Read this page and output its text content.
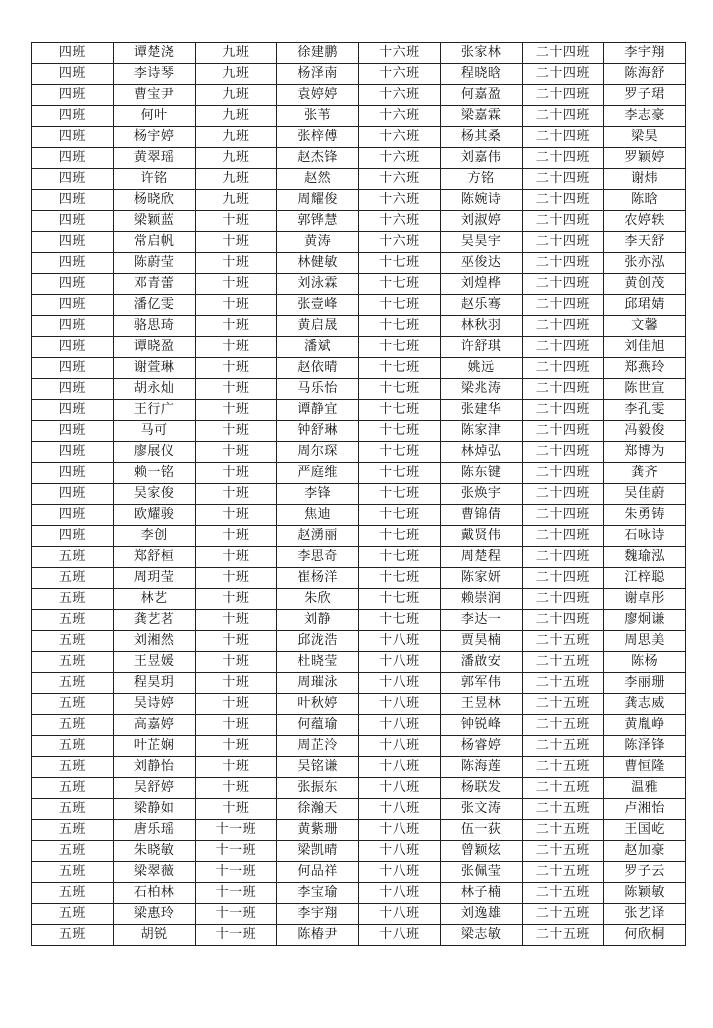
四班	谭楚浇	九班	徐建鹏	十六班	张家林	二十四班	李宇翔
四班	李诗琴	九班	杨泽南	十六班	程晓晗	二十四班	陈海舒
四班	曹宝尹	九班	袁婷婷	十六班	何嘉盈	二十四班	罗子珺
四班	何叶	九班	张苇	十六班	梁嘉霖	二十四班	李志豪
四班	杨宇婷	九班	张梓傅	十六班	杨其桑	二十四班	梁昊
四班	黄翠瑶	九班	赵杰锋	十六班	刘嘉伟	二十四班	罗颖婷
四班	许铭	九班	赵然	十六班	方铭	二十四班	谢炜
四班	杨晓欣	九班	周耀俊	十六班	陈婉诗	二十四班	陈晗
四班	梁颖蓝	十班	郭铧慧	十六班	刘淑婷	二十四班	农婷轶
四班	常启帆	十班	黄涛	十六班	吴昊宇	二十四班	李天舒
四班	陈蔚莹	十班	林健敏	十七班	巫俊达	二十四班	张亦泓
四班	邓青蕾	十班	刘泳霖	十七班	刘煌桦	二十四班	黄创茂
四班	潘亿雯	十班	张壹峰	十七班	赵乐骞	二十四班	邱珺婧
四班	骆思琦	十班	黄启晟	十七班	林秋羽	二十四班	文馨
四班	谭晓盈	十班	潘斌	十七班	许舒琪	二十四班	刘佳旭
四班	谢萱琳	十班	赵依晴	十七班	姚远	二十四班	郑燕玲
四班	胡永灿	十班	马乐怡	十七班	梁兆涛	二十四班	陈世宣
四班	王行广	十班	谭静宜	十七班	张建华	二十四班	李孔雯
四班	马可	十班	钟舒琳	十七班	陈家津	二十四班	冯毅俊
四班	廖展仪	十班	周尔琛	十七班	林焯弘	二十四班	郑博为
四班	赖一铭	十班	严庭维	十七班	陈东键	二十四班	龚齐
四班	吴家俊	十班	李锋	十七班	张焕宇	二十四班	吴佳蔚
四班	欧耀骏	十班	焦迪	十七班	曹锦倩	二十四班	朱勇铸
四班	李创	十班	赵湧丽	十七班	戴贤伟	二十四班	石咏诗
五班	郑舒桓	十班	李思奇	十七班	周楚程	二十四班	魏瑜泓
五班	周玥莹	十班	崔杨洋	十七班	陈家妍	二十四班	江梓聪
五班	林艺	十班	朱欣	十七班	赖崇润	二十四班	谢卓彤
五班	龚艺茗	十班	刘静	十七班	李达一	二十四班	廖炯谦
五班	刘湘然	十班	邱泷浩	十八班	贾昊楠	二十五班	周思美
五班	王昱媛	十班	杜晓莹	十八班	潘啟安	二十五班	陈杨
五班	程昊玥	十班	周璀泳	十八班	郭军伟	二十五班	李丽珊
五班	吴诗婷	十班	叶秋婷	十八班	王昱林	二十五班	龚志威
五班	高嘉婷	十班	何蕴瑜	十八班	钟锐峰	二十五班	黄胤峥
五班	叶芷娴	十班	周芷泠	十八班	杨睿婷	二十五班	陈泽锋
五班	刘静怡	十班	吴铭谦	十八班	陈海莲	二十五班	曹恒隆
五班	吴舒婷	十班	张振东	十八班	杨联发	二十五班	温雅
五班	梁静如	十班	徐瀚天	十八班	张文涛	二十五班	卢湘怡
五班	唐乐瑶	十一班	黄紫珊	十八班	伍一荻	二十五班	王国屹
五班	朱晓敏	十一班	梁凯晴	十八班	曾颖炫	二十五班	赵加豪
五班	梁翠薇	十一班	何品祥	十八班	张佩莹	二十五班	罗子云
五班	石柏林	十一班	李宝瑜	十八班	林子楠	二十五班	陈颖敏
五班	梁惠玲	十一班	李宇翔	十八班	刘逸雄	二十五班	张艺译
五班	胡锐	十一班	陈椿尹	十八班	梁志敏	二十五班	何欣桐
